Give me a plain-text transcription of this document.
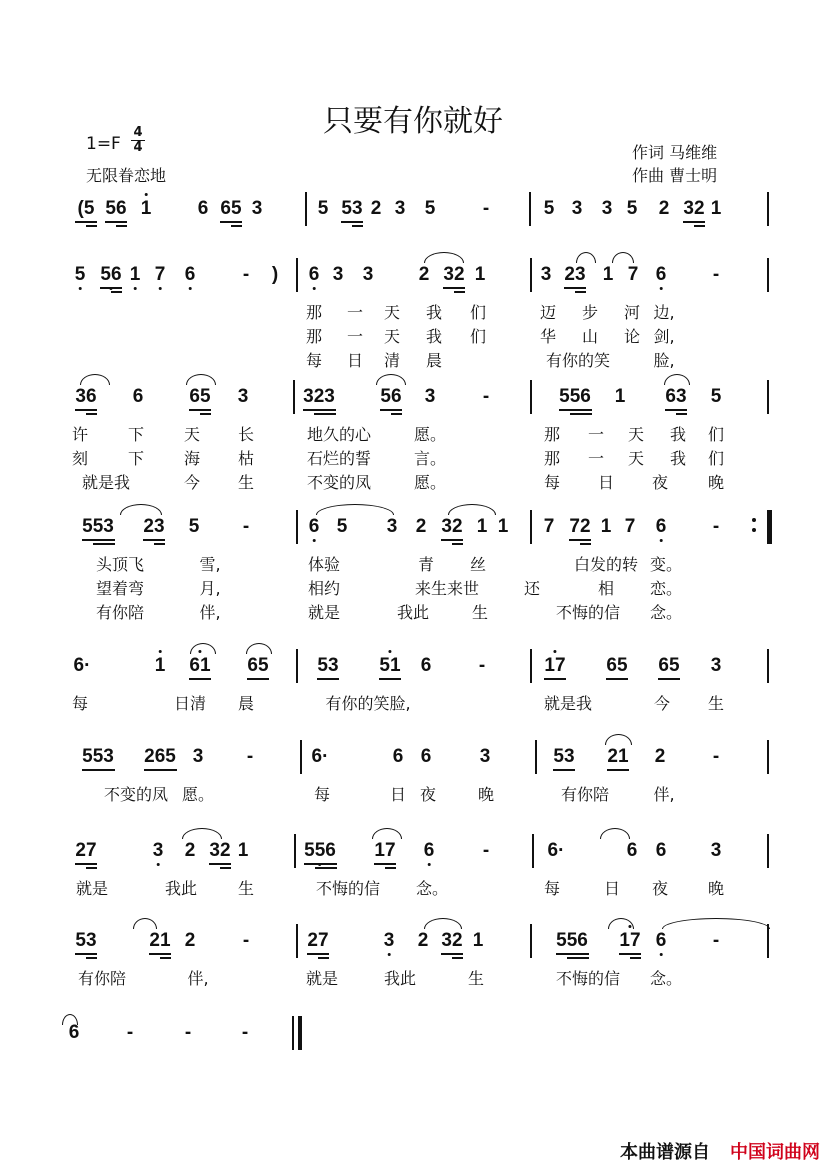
只要有你就好
1=F
4
4
无限眷恋地
作词 马维维
作曲 曹士明
(5 56 1 6 65 3	5 53 2 3 5	-	5 3 3 5 2 32 1
5 56 1 7 6	- ) 6 3 3 2 32 1	3 23 1 7 6 -
那 一 天 我 们	迈 步 河 边,
那 一 天 我 们	华 山 论 剑,
每 日 清 晨	有你的笑	脸,
36 6 65 3	323 56 3	-	556 1 63 5
许 下 天 长	地久的心	愿。	那 一 天 我 们
刻 下 海 枯	石烂的誓	言。	那 一 天 我 们
就是我	今 生	不变的凤	愿。	每 日 夜 晚
553 23 5 -	6 5 3 2 32 1 1 7 72 1 7 6 -
头顶飞	雪,	体验	青 丝	白发的转 变。
望着弯	月,	相约	来生来世	还	相 恋。
有你陪	伴,	就是	我此	生	不悔的信 念。
6·	1 61 65	53 51 6	-	17 65 65 3
每	日清 晨	有你的笑脸,	就是我	今 生
553 265 3 -	6·	6 6	3	53 21 2	-
不变的凤 愿。	每	日 夜	晚	有你陪	伴,
27	3 2 32 1	556 17 6	-	6·	6 6 3
就是	我此	生	不悔的信 念。	每	日 夜 晚
53	21 2	-	27	3 2 32 1	556 17 6 -
有你陪	伴,	就是	我此	生	不悔的信 念。
6	-	-	-
本曲谱源自 中国词曲网
